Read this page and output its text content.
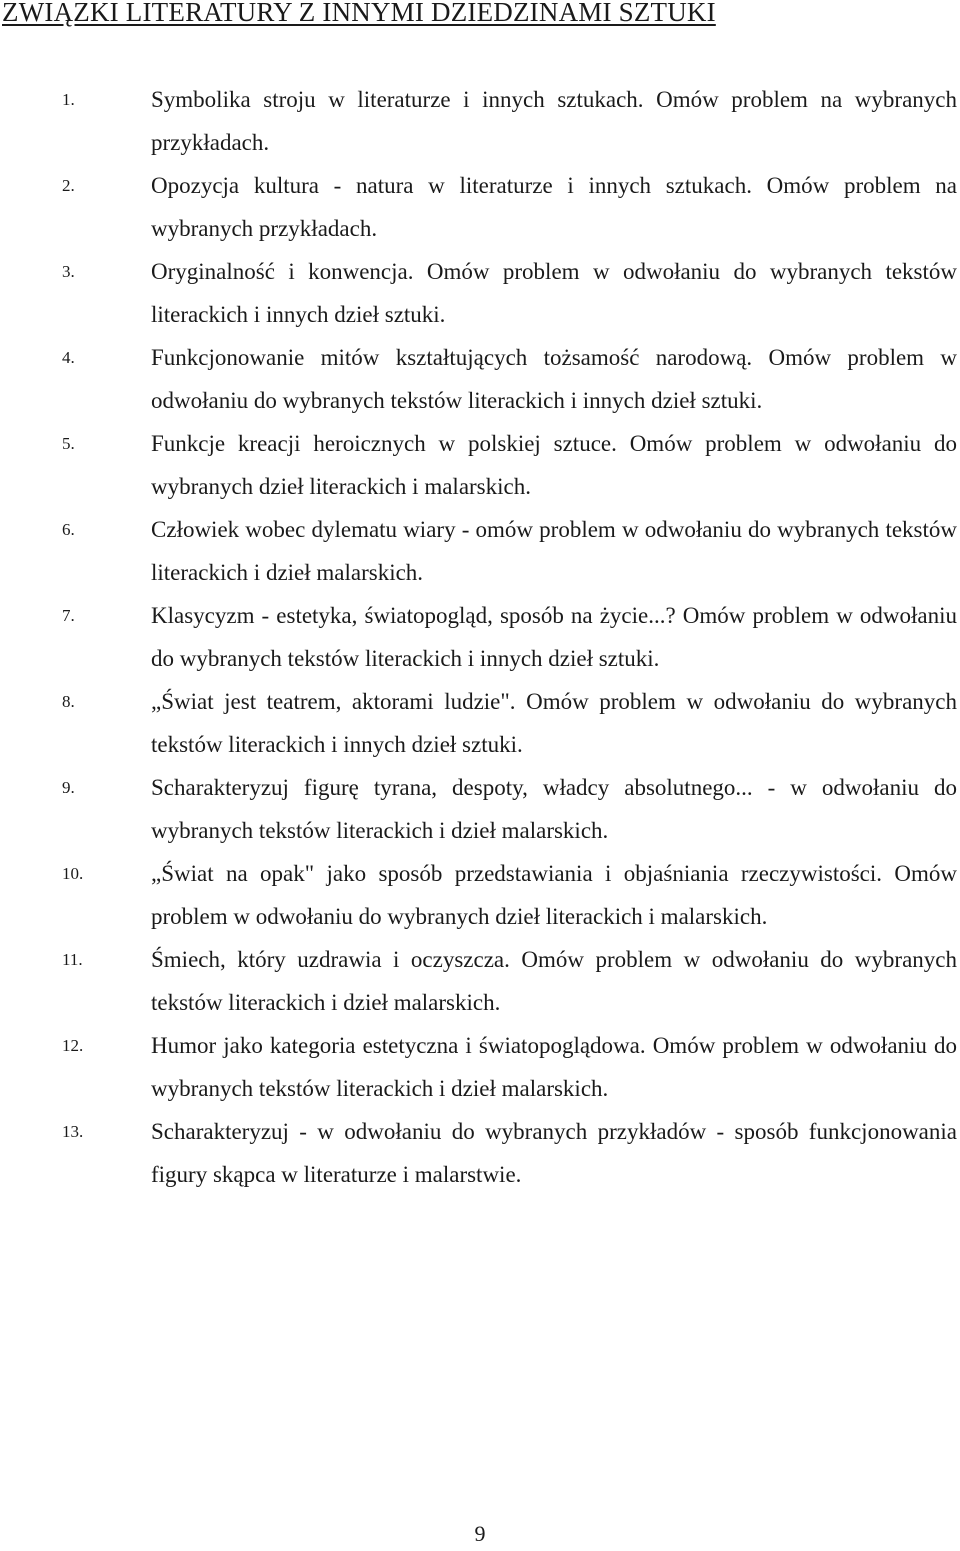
ZWIĄZKI LITERATURY Z INNYMI DZIEDZINAMI SZTUKI
1.	Symbolika stroju w literaturze i innych sztukach. Omów problem na wybranych przykładach.
2.	Opozycja kultura - natura w literaturze i innych sztukach. Omów problem na wybranych przykładach.
3.	Oryginalność i konwencja. Omów problem w odwołaniu do wybranych tekstów literackich i innych dzieł sztuki.
4.	Funkcjonowanie mitów kształtujących tożsamość narodową. Omów problem w odwołaniu do wybranych tekstów literackich i innych dzieł sztuki.
5.	Funkcje kreacji heroicznych w polskiej sztuce. Omów problem w odwołaniu do wybranych dzieł literackich i malarskich.
6.	Człowiek wobec dylematu wiary - omów problem w odwołaniu do wybranych tekstów literackich i dzieł malarskich.
7.	Klasycyzm - estetyka, światopogląd, sposób na życie...? Omów problem w odwołaniu do wybranych tekstów literackich i innych dzieł sztuki.
8.	„Świat jest teatrem, aktorami ludzie". Omów problem w odwołaniu do wybranych tekstów literackich i innych dzieł sztuki.
9.	Scharakteryzuj figurę tyrana, despoty, władcy absolutnego... - w odwołaniu do wybranych tekstów literackich i dzieł malarskich.
10.	„Świat na opak" jako sposób przedstawiania i objaśniania rzeczywistości. Omów problem w odwołaniu do wybranych dzieł literackich i malarskich.
11.	Śmiech, który uzdrawia i oczyszcza. Omów problem w odwołaniu do wybranych tekstów literackich i dzieł malarskich.
12.	Humor jako kategoria estetyczna i światopoglądowa. Omów problem w odwołaniu do wybranych tekstów literackich i dzieł malarskich.
13.	Scharakteryzuj - w odwołaniu do wybranych przykładów - sposób funkcjonowania figury skąpca w literaturze i malarstwie.
9
